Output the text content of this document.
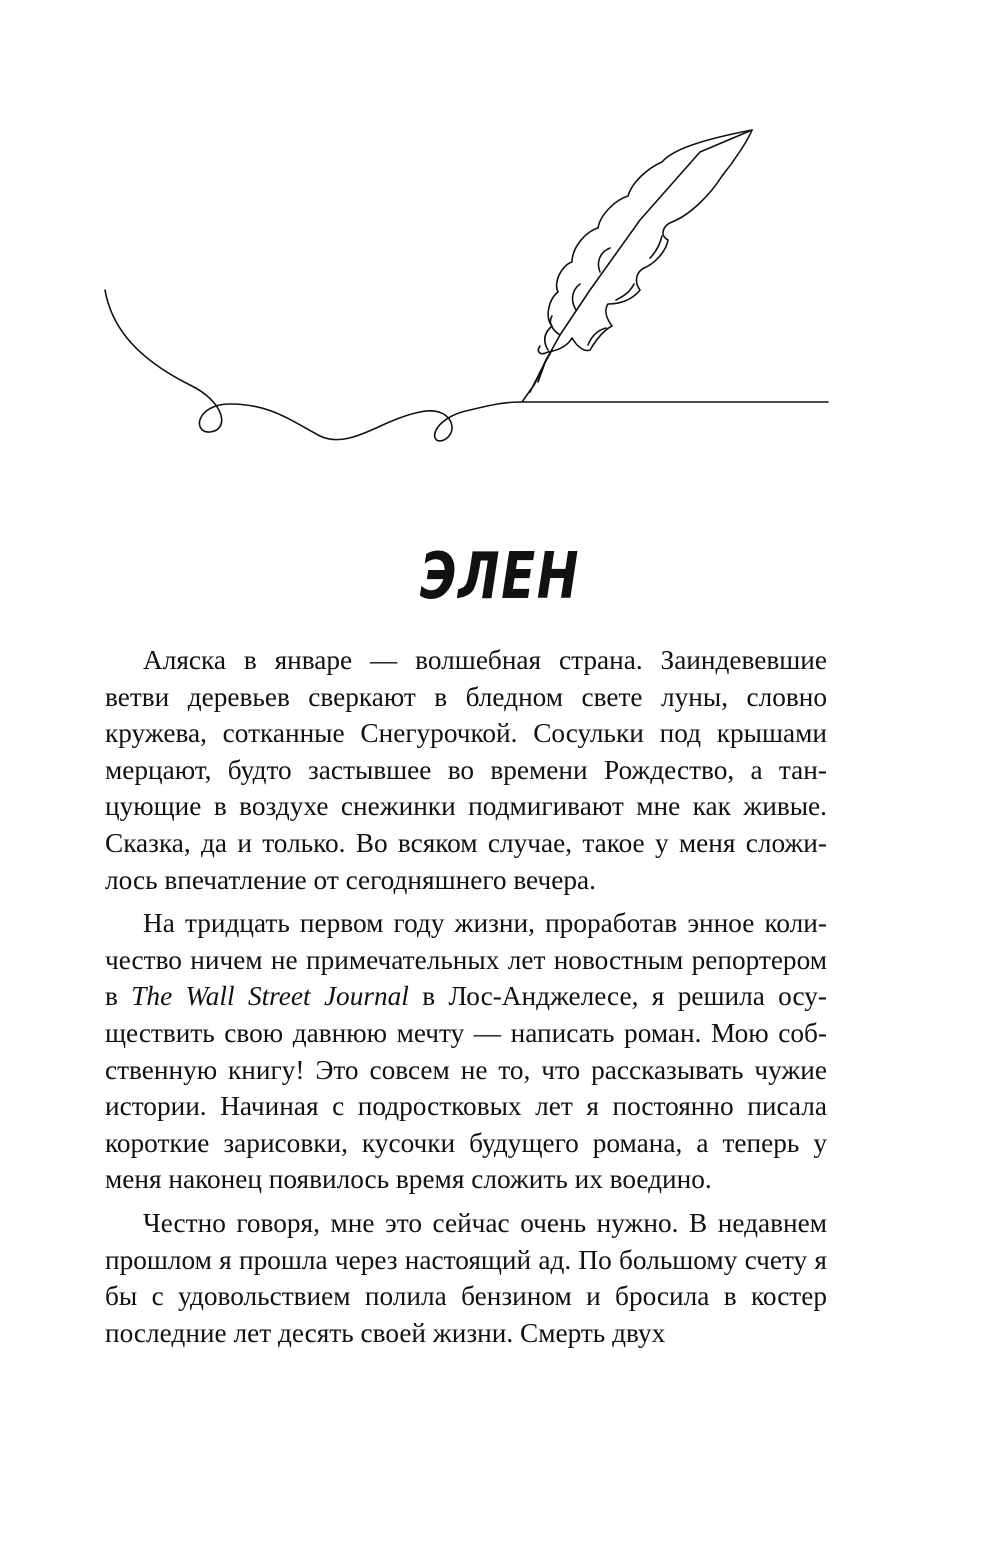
ЭЛЕН

Аляска в январе — волшебная страна. Заиндевевшие ветви деревьев сверкают в бледном свете луны, словно кружева, сотканные Снегурочкой. Сосульки под крышами мерцают, будто застывшее во времени Рождество, а танцующие в воздухе снежинки подмигивают мне как живые. Сказка, да и только. Во всяком случае, такое у меня сложилось впечатление от сегодняшнего вечера.

На тридцать первом году жизни, проработав энное количество ничем не примечательных лет новостным репортером в The Wall Street Journal в Лос-Анджелесе, я решила осуществить свою давнюю мечту — написать роман. Мою собственную книгу! Это совсем не то, что рассказывать чужие истории. Начиная с подростковых лет я постоянно писала короткие зарисовки, кусочки будущего романа, а теперь у меня наконец появилось время сложить их воедино.

Честно говоря, мне это сейчас очень нужно. В недавнем прошлом я прошла через настоящий ад. По большому счету я бы с удовольствием полила бензином и бросила в костер последние лет десять своей жизни. Смерть двух
